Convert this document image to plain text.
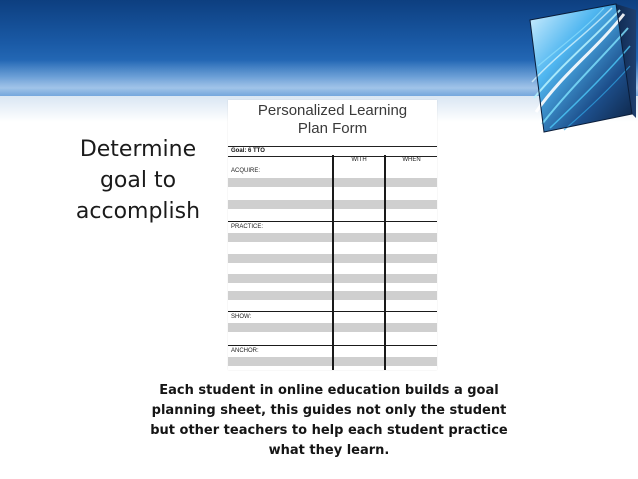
Determine goal to accomplish
Personalized Learning
Plan Form
Goal: 6 TTO
WITH	WHEN
ACQUIRE:
PRACTICE:
SHOW:
ANCHOR:

Each student in online education builds a goal planning sheet, this guides not only the student but other teachers to help each student practice what they learn.
